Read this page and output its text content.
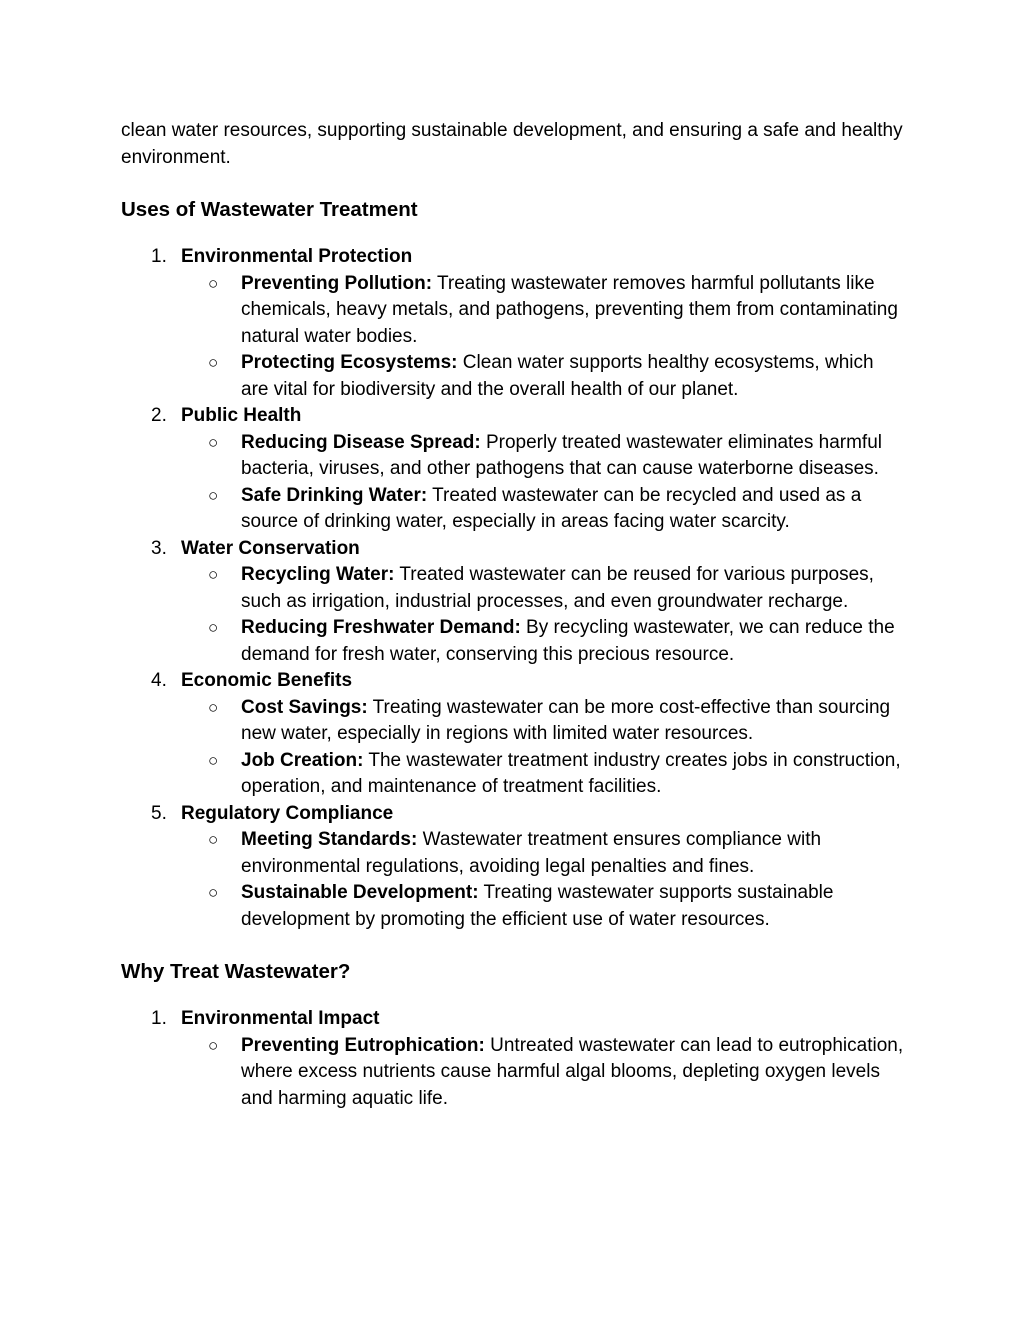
clean water resources, supporting sustainable development, and ensuring a safe and healthy environment.

Uses of Wastewater Treatment
1. Environmental Protection
○ Preventing Pollution: Treating wastewater removes harmful pollutants like chemicals, heavy metals, and pathogens, preventing them from contaminating natural water bodies.
○ Protecting Ecosystems: Clean water supports healthy ecosystems, which are vital for biodiversity and the overall health of our planet.
2. Public Health
○ Reducing Disease Spread: Properly treated wastewater eliminates harmful bacteria, viruses, and other pathogens that can cause waterborne diseases.
○ Safe Drinking Water: Treated wastewater can be recycled and used as a source of drinking water, especially in areas facing water scarcity.
3. Water Conservation
○ Recycling Water: Treated wastewater can be reused for various purposes, such as irrigation, industrial processes, and even groundwater recharge.
○ Reducing Freshwater Demand: By recycling wastewater, we can reduce the demand for fresh water, conserving this precious resource.
4. Economic Benefits
○ Cost Savings: Treating wastewater can be more cost-effective than sourcing new water, especially in regions with limited water resources.
○ Job Creation: The wastewater treatment industry creates jobs in construction, operation, and maintenance of treatment facilities.
5. Regulatory Compliance
○ Meeting Standards: Wastewater treatment ensures compliance with environmental regulations, avoiding legal penalties and fines.
○ Sustainable Development: Treating wastewater supports sustainable development by promoting the efficient use of water resources.
Why Treat Wastewater?
1. Environmental Impact
○ Preventing Eutrophication: Untreated wastewater can lead to eutrophication, where excess nutrients cause harmful algal blooms, depleting oxygen levels and harming aquatic life.
